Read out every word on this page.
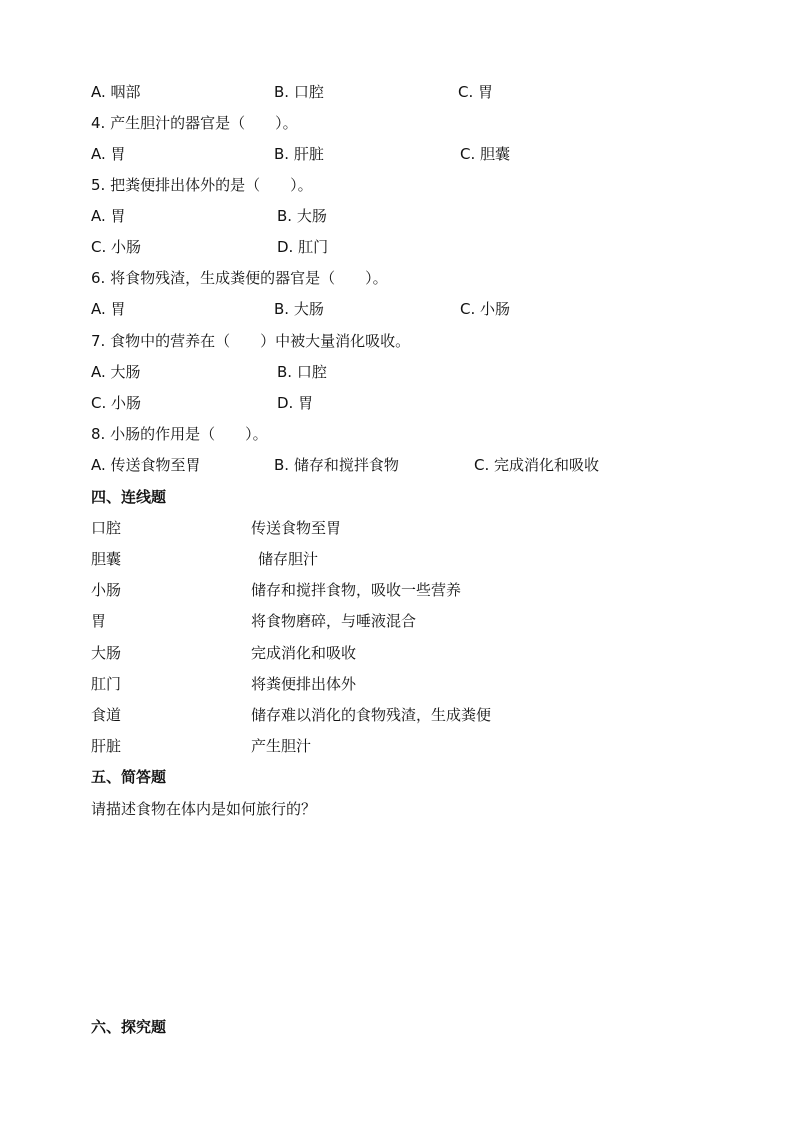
A. 咽部	B. 口腔	C. 胃
4. 产生胆汁的器官是（　　）。
A. 胃	B. 肝脏	C. 胆囊
5. 把粪便排出体外的是（　　）。
A. 胃	B. 大肠
C. 小肠	D. 肛门
6. 将食物残渣，生成粪便的器官是（　　）。
A. 胃	B. 大肠	C. 小肠
7. 食物中的营养在（　　）中被大量消化吸收。
A. 大肠	B. 口腔
C. 小肠	D. 胃
8. 小肠的作用是（　　）。
A. 传送食物至胃	B. 储存和搅拌食物	C. 完成消化和吸收
四、连线题
口腔	传送食物至胃
胆囊	储存胆汁
小肠	储存和搅拌食物，吸收一些营养
胃	将食物磨碎，与唾液混合
大肠	完成消化和吸收
肛门	将粪便排出体外
食道	储存难以消化的食物残渣，生成粪便
肝脏	产生胆汁
五、简答题
请描述食物在体内是如何旅行的？
六、探究题
